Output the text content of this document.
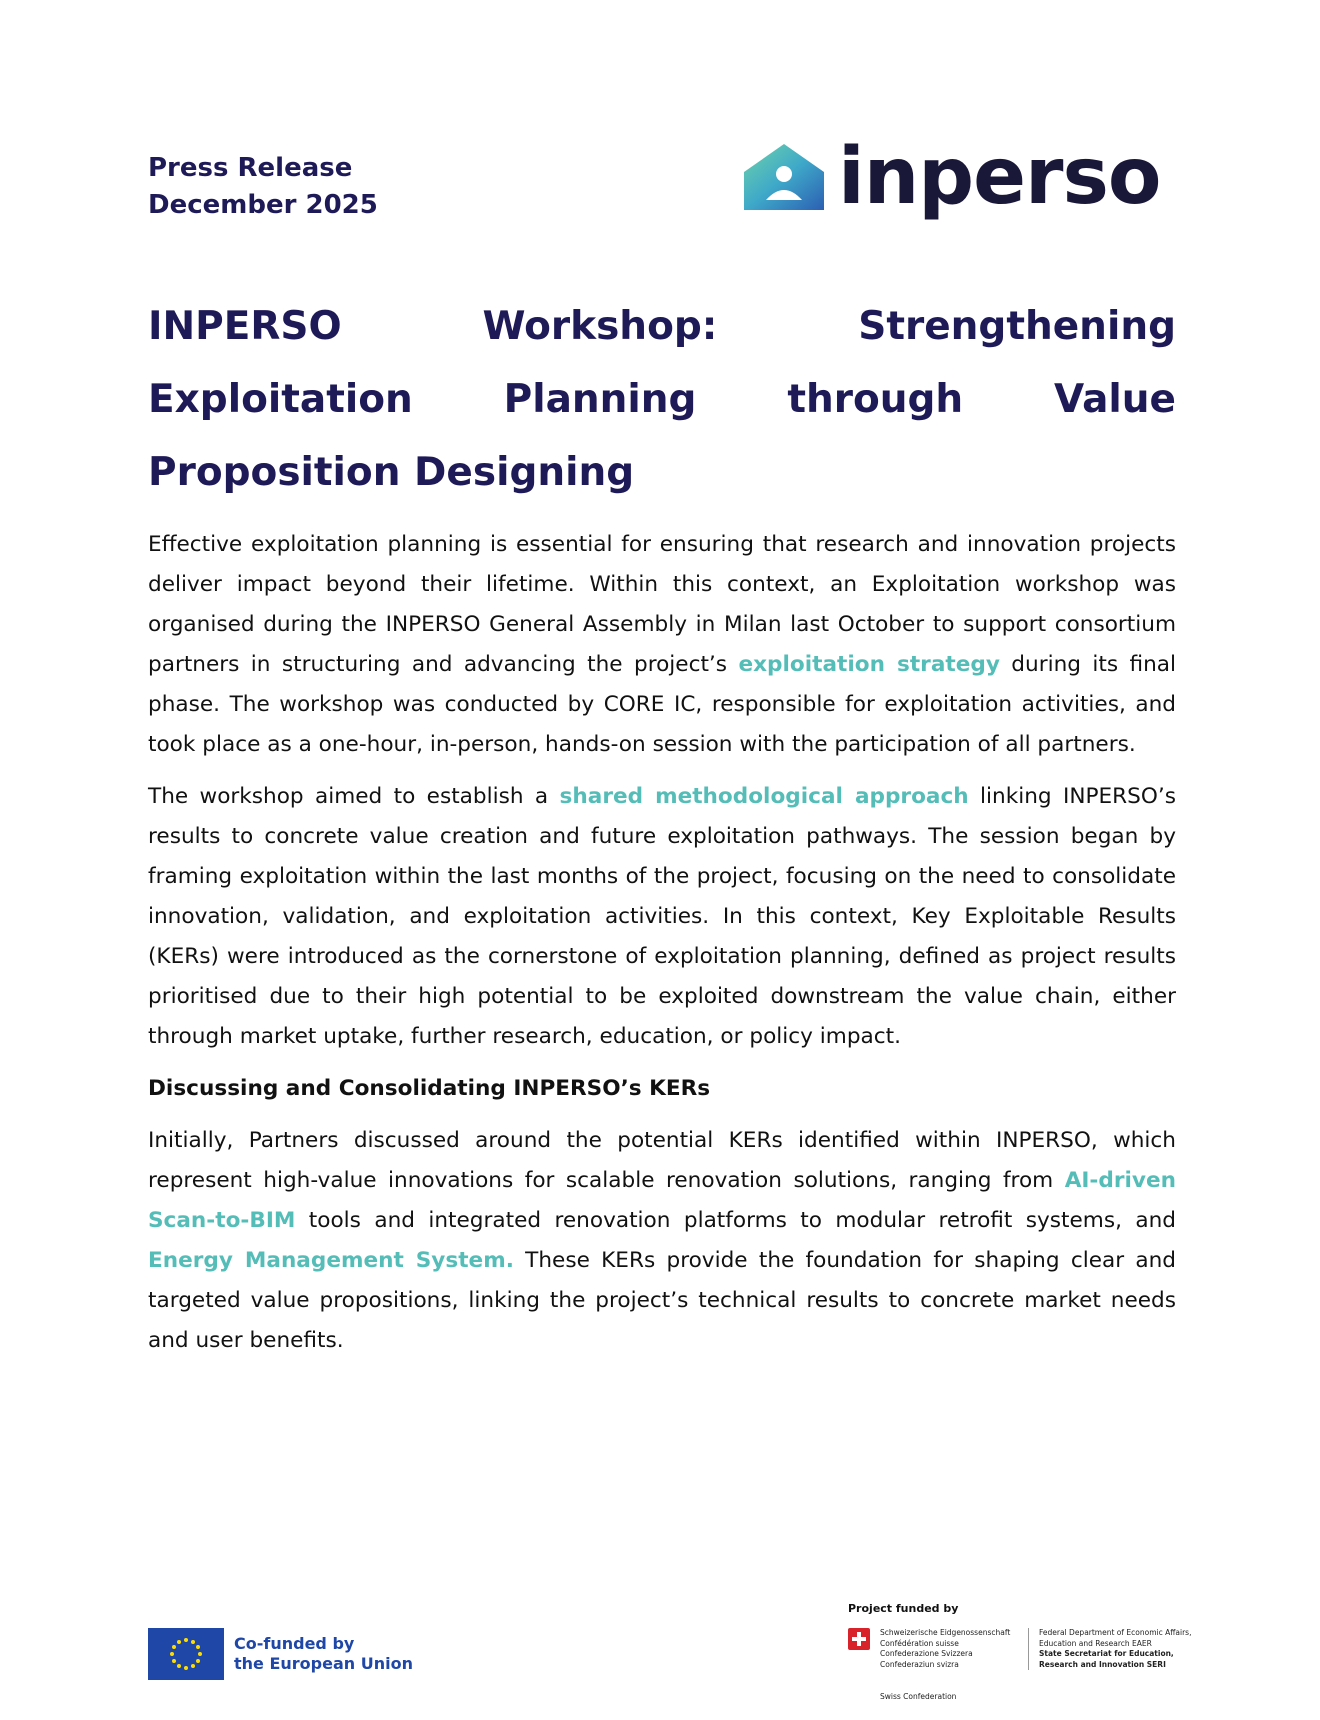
Press Release
December 2025	inperso
INPERSO Workshop: Strengthening Exploitation Planning through Value Proposition Designing

Effective exploitation planning is essential for ensuring that research and innovation projects deliver impact beyond their lifetime. Within this context, an Exploitation workshop was organised during the INPERSO General Assembly in Milan last October to support consortium partners in structuring and advancing the project’s exploitation strategy during its final phase. The workshop was conducted by CORE IC, responsible for exploitation activities, and took place as a one-hour, in-person, hands-on session with the participation of all partners.

The workshop aimed to establish a shared methodological approach linking INPERSO’s results to concrete value creation and future exploitation pathways. The session began by framing exploitation within the last months of the project, focusing on the need to consolidate innovation, validation, and exploitation activities. In this context, Key Exploitable Results (KERs) were introduced as the cornerstone of exploitation planning, defined as project results prioritised due to their high potential to be exploited downstream the value chain, either through market uptake, further research, education, or policy impact.

Discussing and Consolidating INPERSO’s KERs

Initially, Partners discussed around the potential KERs identified within INPERSO, which represent high-value innovations for scalable renovation solutions, ranging from AI-driven Scan-to-BIM tools and integrated renovation platforms to modular retrofit systems, and Energy Management System. These KERs provide the foundation for shaping clear and targeted value propositions, linking the project’s technical results to concrete market needs and user benefits.

Co-funded by
the European Union
Project funded by
Schweizerische Eidgenossenschaft
Confédération suisse
Confederazione Svizzera
Confederaziun svizra
Federal Department of Economic Affairs,
Education and Research EAER
State Secretariat for Education,
Research and Innovation SERI
Swiss Confederation
